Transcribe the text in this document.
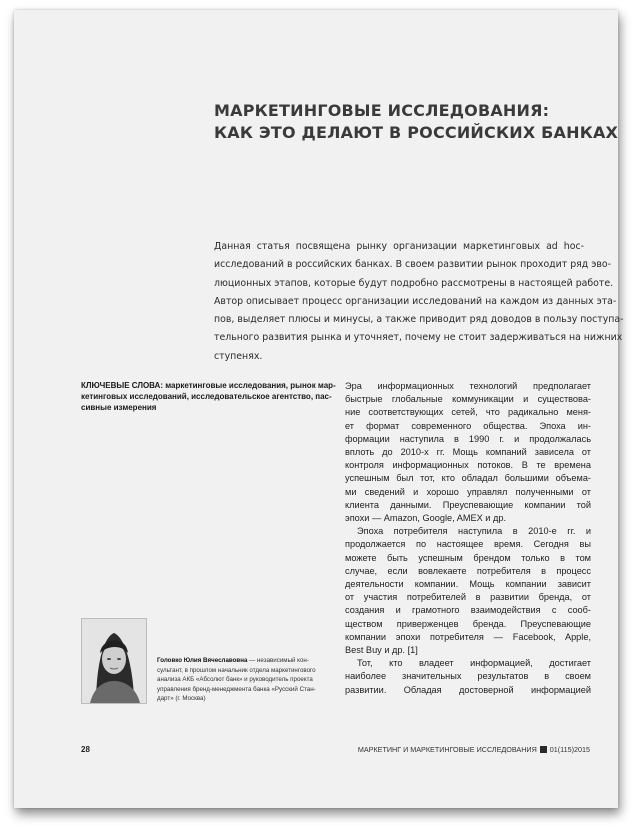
МАРКЕТИНГОВЫЕ ИССЛЕДОВАНИЯ:
КАК ЭТО ДЕЛАЮТ В РОССИЙСКИХ БАНКАХ
Данная статья посвящена рынку организации маркетинговых ad hoc-
исследований в российских банках. В своем развитии рынок проходит ряд эво-
люционных этапов, которые будут подробно рассмотрены в настоящей работе.
Автор описывает процесс организации исследований на каждом из данных эта-
пов, выделяет плюсы и минусы, а также приводит ряд доводов в пользу поступа-
тельного развития рынка и уточняет, почему не стоит задерживаться на нижних
ступенях.
КЛЮЧЕВЫЕ СЛОВА: маркетинговые исследования, рынок мар-
кетинговых исследований, исследовательское агентство, пас-
сивные измерения
Эра информационных технологий предполагает
быстрые глобальные коммуникации и существова-
ние соответствующих сетей, что радикально меня-
ет формат современного общества. Эпоха ин-
формации наступила в 1990 г. и продолжалась
вплоть до 2010-х гг. Мощь компаний зависела от
контроля информационных потоков. В те времена
успешным был тот, кто обладал большими объема-
ми сведений и хорошо управлял полученными от
клиента данными. Преуспевающие компании той
эпохи — Amazon, Google, AMEX и др.
Эпоха потребителя наступила в 2010-е гг. и
продолжается по настоящее время. Сегодня вы
можете быть успешным брендом только в том
случае, если вовлекаете потребителя в процесс
деятельности компании. Мощь компании зависит
от участия потребителей в развитии бренда, от
создания и грамотного взаимодействия с сооб-
ществом приверженцев бренда. Преуспевающие
компании эпохи потребителя — Facebook, Apple,
Best Buy и др. [1]
Тот, кто владеет информацией, достигает
наиболее значительных результатов в своем
развитии. Обладая достоверной информацией
Головко Юлия Вячеславовна — независимый кон-
сультант, в прошлом начальник отдела маркетингового
анализа АКБ «Абсолют банк» и руководитель проекта
управления бренд-менеджмента банка «Русский Стан-
дарт» (г. Москва)
28	МАРКЕТИНГ И МАРКЕТИНГОВЫЕ ИССЛЕДОВАНИЯ 01(115)2015
